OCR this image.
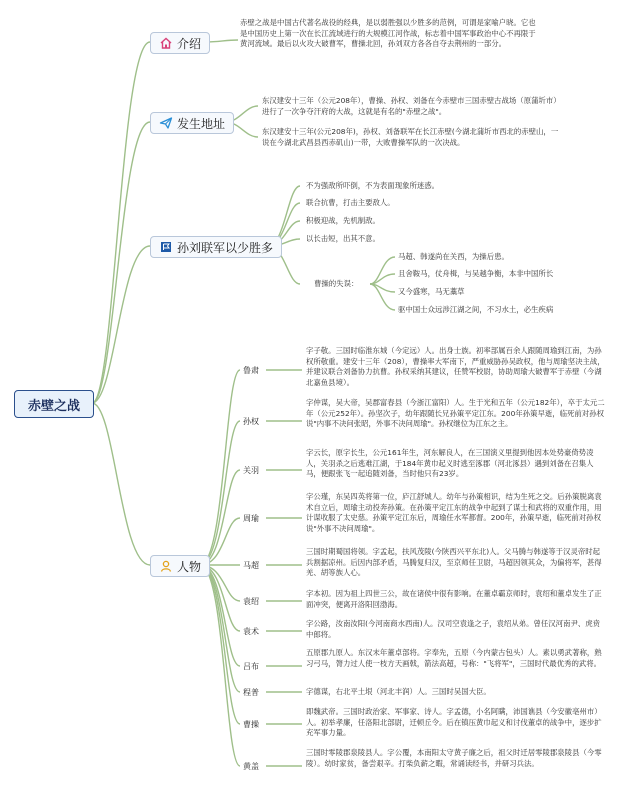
赤壁之战
介绍
赤壁之战是中国古代著名战役的经典，是以弱胜强以少胜多的范例，可谓是家喻户晓。它也是中国历史上第一次在长江流域进行的大规模江河作战，标志着中国军事政治中心不再限于黄河流域。最后以火攻大破曹军，曹操北回，孙刘双方各各自夺去荆州的一部分。
发生地址
东汉建安十三年（公元208年），曹操、孙权、刘备在今赤壁市三国赤壁古战场（原蒲圻市）进行了一次争夺汗府的大战，这就是有名的"赤壁之战"。
东汉建安十三年(公元208年)，孙权、刘备联军在长江赤壁(今湖北蒲圻市西北的赤壁山，一说在今湖北武昌县西赤矶山)一带，大败曹操军队的一次决战。
孙刘联军以少胜多
不为强敌所吓倒，不为表面现象所迷惑。
联合抗曹，打击主要敌人。
积极迎战，先机制敌。
以长击短，出其不意。
曹操的失误：
马超、韩遂尚在关西，为操后患。
且舍鞍马，仗舟楫，与吴越争衡，本非中国所长
又今盛寒，马无藁草
驱中国士众远涉江湖之间，不习水土，必生疾病
人物
鲁肃
字子敬。三国时临淮东城（今定远）人。出身士族。初率部属百余人跟随周瑜到江南，为孙权所敬重。建安十三年（208），曹操率大军南下，严重威胁孙吴政权，他与周瑜坚决主战，并建议联合刘备协力抗曹。孙权采纳其建议，任赞军校尉，协助周瑜大破曹军于赤壁（今湖北嘉鱼县境）。
孙权
字仲谋，吴大帝，吴郡富春县（今浙江富阳）人。生于光和五年（公元182年），卒于太元二年（公元252年）。孙坚次子，幼年跟随长兄孙策平定江东。200年孙策早逝，临死前对孙权说"内事不决问张昭，外事不决问周瑜"。孙权继位为江东之主。
关羽
字云长，原字长生，公元161年生，河东解良人，在三国演义里提到他因本处势豪倚势凌人，关羽杀之后逃难江湖，于184年黄巾起义时逃至涿郡（河北涿县）遇到刘备在召集人马，便跟张飞一起追随刘备，当时他只有23岁。
周瑜
字公瑾，东吴四英将第一位，庐江舒城人。幼年与孙策相识，结为生死之交。后孙策脱离袁术自立后，周瑜主动投奔孙策。在孙策平定江东的战争中起到了谋士和武将的双重作用，用计谋收服了太史慈。孙策平定江东后，周瑜任水军都督。200年，孙策早逝，临死前对孙权说"外事不决问周瑜"。
马超
三国时期蜀国将领。字孟起，扶风茂陵(今陕西兴平东北)人。父马腾与韩遂等于汉灵帝时起兵割据凉州。后因内部矛盾，马腾复归汉，至京师任卫尉，马超因领其众，为偏将军，甚得羌、胡等族人心。
袁绍
字本初。因为祖上四世三公，故在诸侯中很有影响。在董卓霸京师时，袁绍和董卓发生了正面冲突，便离开洛阳回渤海。
袁术
字公路，汝南汝阳(今河南商水西南)人。汉司空袁逢之子，袁绍从弟。曾任汉河南尹、虎贲中郎将。
吕布
五原郡九原人。东汉末年董卓部将。字奉先，五原（今内蒙古包头）人。素以勇武著称，熟习弓马，膂力过人使一枝方天画戟，箭法高超，号称："飞将军"，三国时代最优秀的武将。
程普	字德谋，右北平土垠（河北丰润）人。三国时吴国大臣。
曹操
即魏武帝。三国时政治家、军事家、诗人。字孟德，小名阿瞒，沛国谯县（今安徽亳州市）人。初举孝廉，任洛阳北部尉，迁顿丘令。后在镇压黄巾起义和讨伐董卓的战争中，逐步扩充军事力量。
黄盖
三国时零陵郡泉陵县人。字公覆，本南阳太守黄子廉之后，祖父时迁居零陵郡泉陵县（今零陵）。幼时家贫，备尝艰辛。打柴负薪之暇，常诵读经书，并研习兵法。
